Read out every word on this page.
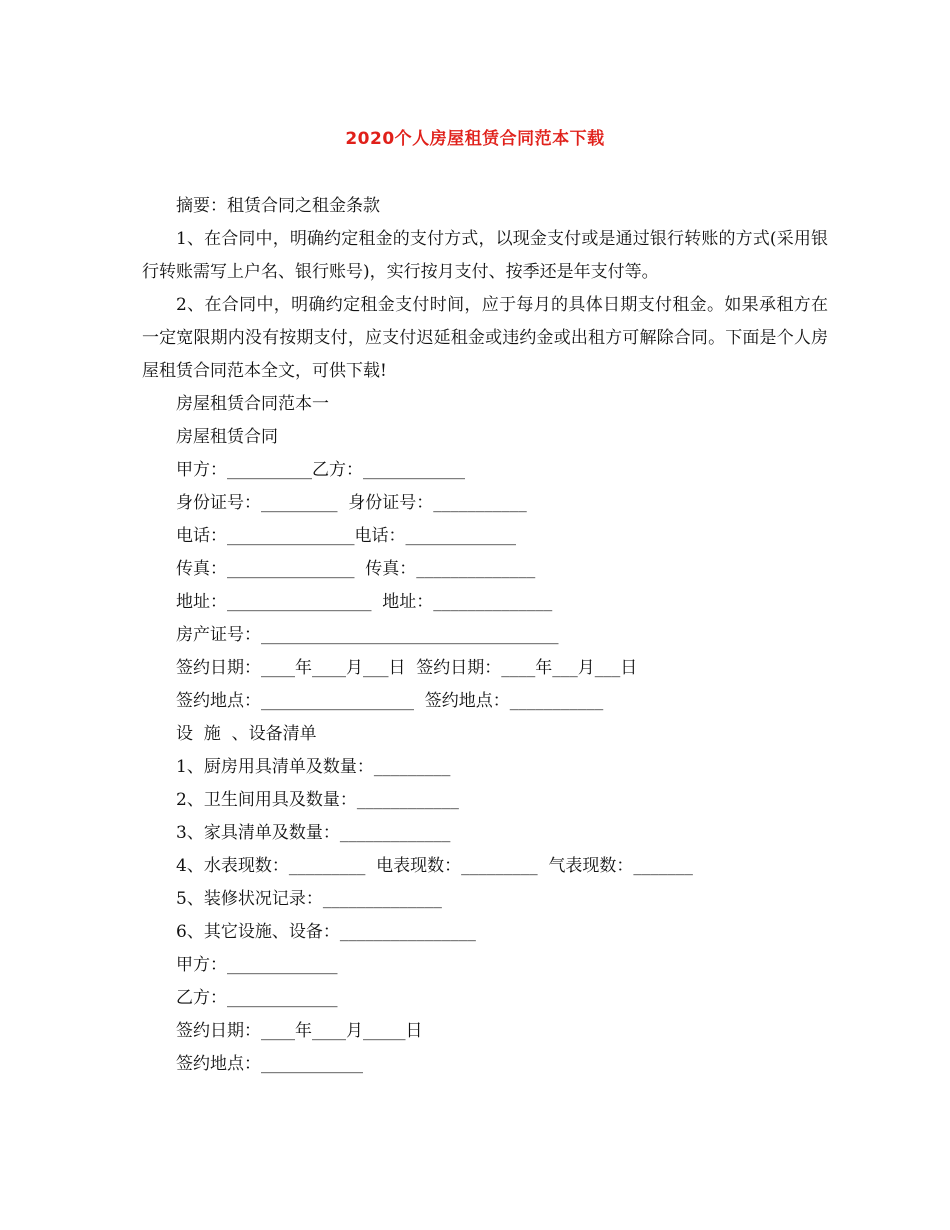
2020个人房屋租赁合同范本下载

摘要：租赁合同之租金条款

1、在合同中，明确约定租金的支付方式，以现金支付或是通过银行转账的方式(采用银行转账需写上户名、银行账号)，实行按月支付、按季还是年支付等。

2、在合同中，明确约定租金支付时间，应于每月的具体日期支付租金。如果承租方在一定宽限期内没有按期支付，应支付迟延租金或违约金或出租方可解除合同。下面是个人房屋租赁合同范本全文，可供下载!

房屋租赁合同范本一

房屋租赁合同

甲方：__________乙方：____________

身份证号：_________  身份证号：___________

电话：_______________电话：_____________

传真：_______________  传真：______________

地址：_________________  地址：______________

房产证号：___________________________________

签约日期：____年____月___日  签约日期：____年___月___日

签约地点：__________________  签约地点：___________

设  施  、设备清单

1、厨房用具清单及数量：_________

2、卫生间用具及数量：____________

3、家具清单及数量：_____________

4、水表现数：_________  电表现数：_________  气表现数：_______

5、装修状况记录：______________

6、其它设施、设备：________________

甲方：_____________

乙方：_____________

签约日期：____年____月_____日

签约地点：____________
